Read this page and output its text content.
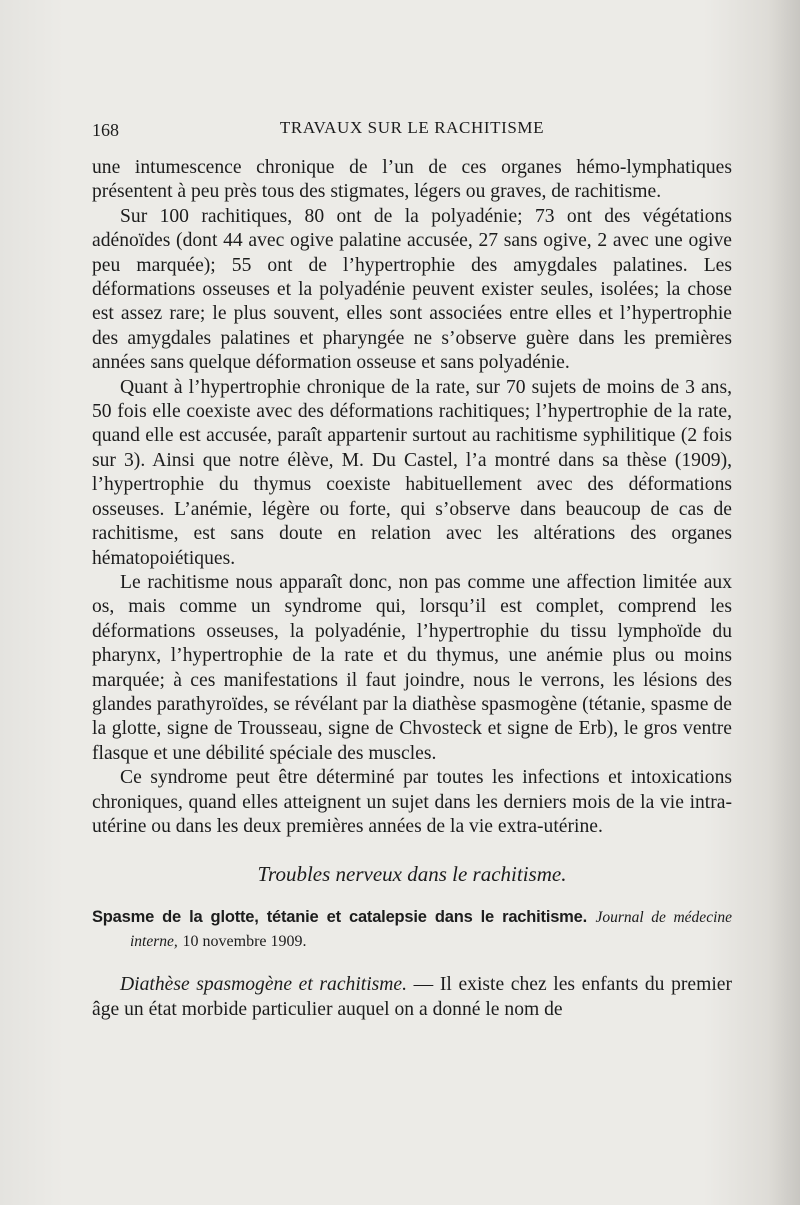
168	TRAVAUX SUR LE RACHITISME

une intumescence chronique de l’un de ces organes hémo-lymphatiques présentent à peu près tous des stigmates, légers ou graves, de rachitisme.

Sur 100 rachitiques, 80 ont de la polyadénie; 73 ont des végétations adénoïdes (dont 44 avec ogive palatine accusée, 27 sans ogive, 2 avec une ogive peu marquée); 55 ont de l’hypertrophie des amygdales palatines. Les déformations osseuses et la polyadénie peuvent exister seules, isolées; la chose est assez rare; le plus souvent, elles sont associées entre elles et l’hypertrophie des amygdales palatines et pharyngée ne s’observe guère dans les premières années sans quelque déformation osseuse et sans polyadénie.

Quant à l’hypertrophie chronique de la rate, sur 70 sujets de moins de 3 ans, 50 fois elle coexiste avec des déformations rachitiques; l’hypertrophie de la rate, quand elle est accusée, paraît appartenir surtout au rachitisme syphilitique (2 fois sur 3). Ainsi que notre élève, M. Du Castel, l’a montré dans sa thèse (1909), l’hypertrophie du thymus coexiste habituellement avec des déformations osseuses. L’anémie, légère ou forte, qui s’observe dans beaucoup de cas de rachitisme, est sans doute en relation avec les altérations des organes hématopoiétiques.

Le rachitisme nous apparaît donc, non pas comme une affection limitée aux os, mais comme un syndrome qui, lorsqu’il est complet, comprend les déformations osseuses, la polyadénie, l’hypertrophie du tissu lymphoïde du pharynx, l’hypertrophie de la rate et du thymus, une anémie plus ou moins marquée; à ces manifestations il faut joindre, nous le verrons, les lésions des glandes parathyroïdes, se révélant par la diathèse spasmogène (tétanie, spasme de la glotte, signe de Trousseau, signe de Chvosteck et signe de Erb), le gros ventre flasque et une débilité spéciale des muscles.

Ce syndrome peut être déterminé par toutes les infections et intoxications chroniques, quand elles atteignent un sujet dans les derniers mois de la vie intra-utérine ou dans les deux premières années de la vie extra-utérine.

Troubles nerveux dans le rachitisme.

Spasme de la glotte, tétanie et catalepsie dans le rachitisme. Journal de médecine interne, 10 novembre 1909.

Diathèse spasmogène et rachitisme. — Il existe chez les enfants du premier âge un état morbide particulier auquel on a donné le nom de
